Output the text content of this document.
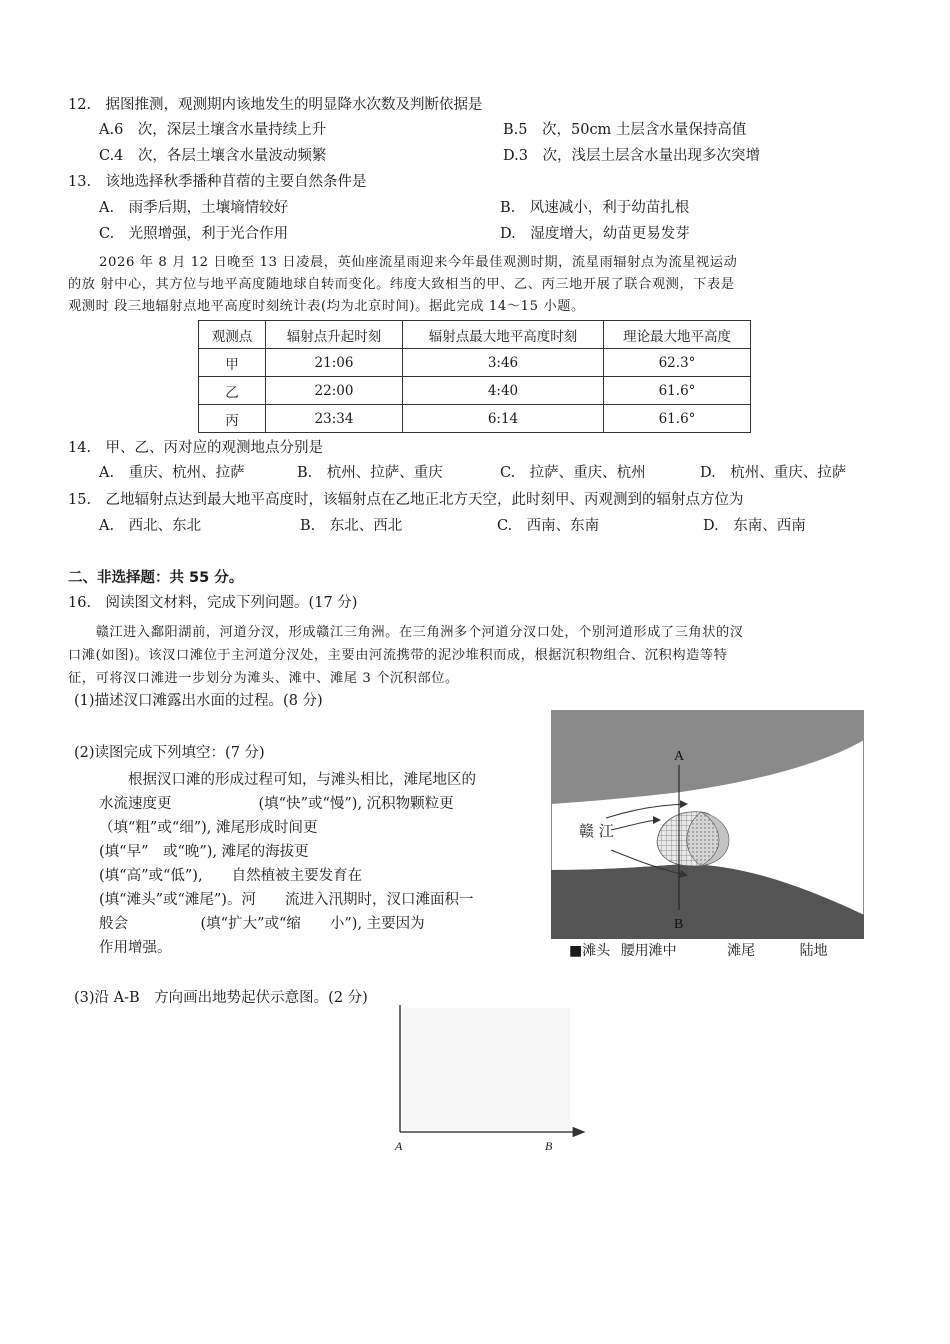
12.　据图推测，观测期内该地发生的明显降水次数及判断依据是
A.6　次，深层土壤含水量持续上升	B.5　次，50cm 土层含水量保持高值
C.4　次，各层土壤含水量波动频繁	D.3　次，浅层土层含水量出现多次突增
13.　该地选择秋季播种苜蓿的主要自然条件是
A.　雨季后期，土壤墒情较好	B.　风速减小，利于幼苗扎根
C.　光照增强，利于光合作用	D.　湿度增大，幼苗更易发芽
2026 年 8 月 12 日晚至 13 日凌晨，英仙座流星雨迎来今年最佳观测时期，流星雨辐射点为流星视运动
的放 射中心，其方位与地平高度随地球自转而变化。纬度大致相当的甲、乙、丙三地开展了联合观测，下表是
观测时 段三地辐射点地平高度时刻统计表(均为北京时间)。据此完成 14～15 小题。
观测点	辐射点升起时刻	辐射点最大地平高度时刻	理论最大地平高度
甲	21:06	3:46	62.3°
乙	22:00	4:40	61.6°
丙	23:34	6:14	61.6°
14.　甲、乙、丙对应的观测地点分别是
A.　重庆、杭州、拉萨	B.　杭州、拉萨、重庆	C.　拉萨、重庆、杭州	D.　杭州、重庆、拉萨
15.　乙地辐射点达到最大地平高度时，该辐射点在乙地正北方天空，此时刻甲、丙观测到的辐射点方位为
A.　西北、东北	B.　东北、西北	C.　西南、东南	D.　东南、西南
二、非选择题：共 55 分。
16.　阅读图文材料，完成下列问题。(17 分)
　　赣江进入鄱阳湖前，河道分汊，形成赣江三角洲。在三角洲多个河道分汊口处，个别河道形成了三角状的汊
口滩(如图)。该汊口滩位于主河道分汊处，主要由河流携带的泥沙堆积而成，根据沉积物组合、沉积构造等特
征，可将汊口滩进一步划分为滩头、滩中、滩尾 3 个沉积部位。
(1)描述汊口滩露出水面的过程。(8 分)
(2)读图完成下列填空：(7 分)
　　根据汊口滩的形成过程可知，与滩头相比，滩尾地区的
水流速度更　　　　　　(填“快”或“慢”), 沉积物颗粒更
（填“粗”或“细”), 滩尾形成时间更
(填“早”　或“晚”), 滩尾的海拔更
(填“高”或“低”),　　自然植被主要发育在
(填“滩头”或“滩尾”)。河　　流进入汛期时，汊口滩面积一
般会　　　　　(填“扩大”或“缩　　小”), 主要因为
作用增强。
A
B
赣 江
■滩头 腰用滩中	滩尾	陆地
(3)沿 A-B　方向画出地势起伏示意图。(2 分)
A	B
